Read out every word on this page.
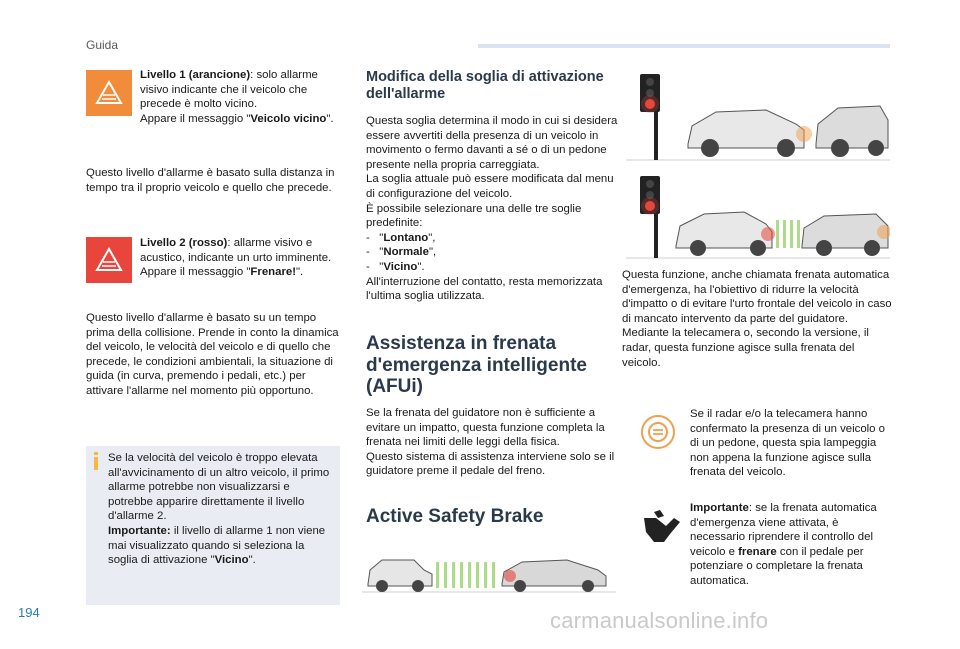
Guida

Livello 1 (arancione): solo allarme visivo indicante che il veicolo che precede è molto vicino.
Appare il messaggio "Veicolo vicino".

Questo livello d'allarme è basato sulla distanza in tempo tra il proprio veicolo e quello che precede.

Livello 2 (rosso): allarme visivo e acustico, indicante un urto imminente.
Appare il messaggio "Frenare!".

Questo livello d'allarme è basato su un tempo prima della collisione. Prende in conto la dinamica del veicolo, le velocità del veicolo e di quello che precede, le condizioni ambientali, la situazione di guida (in curva, premendo i pedali, etc.) per attivare l'allarme nel momento più opportuno.

Se la velocità del veicolo è troppo elevata all'avvicinamento di un altro veicolo, il primo allarme potrebbe non visualizzarsi e potrebbe apparire direttamente il livello d'allarme 2.
Importante: il livello di allarme 1 non viene mai visualizzato quando si seleziona la soglia di attivazione "Vicino".

Modifica della soglia di attivazione dell'allarme
Questa soglia determina il modo in cui si desidera essere avvertiti della presenza di un veicolo in movimento o fermo davanti a sé o di un pedone presente nella propria carreggiata.
La soglia attuale può essere modificata dal menu di configurazione del veicolo.
È possibile selezionare una delle tre soglie predefinite:
- "Lontano",
- "Normale",
- "Vicino".
All'interruzione del contatto, resta memorizzata l'ultima soglia utilizzata.
Assistenza in frenata d'emergenza intelligente (AFUi)
Se la frenata del guidatore non è sufficiente a evitare un impatto, questa funzione completa la frenata nei limiti delle leggi della fisica.
Questo sistema di assistenza interviene solo se il guidatore preme il pedale del freno.
Active Safety Brake
Questa funzione, anche chiamata frenata automatica d'emergenza, ha l'obiettivo di ridurre la velocità d'impatto o di evitare l'urto frontale del veicolo in caso di mancato intervento da parte del guidatore.
Mediante la telecamera o, secondo la versione, il radar, questa funzione agisce sulla frenata del veicolo.

Se il radar e/o la telecamera hanno confermato la presenza di un veicolo o di un pedone, questa spia lampeggia non appena la funzione agisce sulla frenata del veicolo.

Importante: se la frenata automatica d'emergenza viene attivata, è necessario riprendere il controllo del veicolo e frenare con il pedale per potenziare o completare la frenata automatica.

194	carmanualsonline.info
